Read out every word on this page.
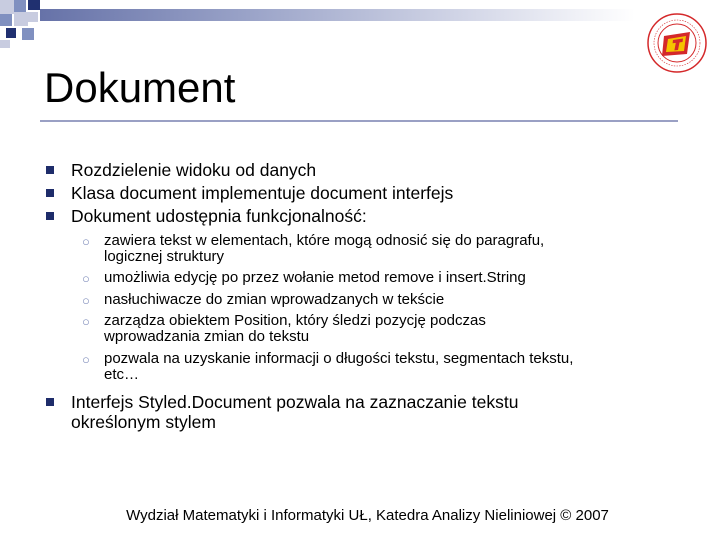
Dokument
Rozdzielenie widoku od danych
Klasa document implementuje document interfejs
Dokument udostępnia funkcjonalność:
○ zawiera tekst w elementach, które mogą odnosić się do paragrafu,
logicznej struktury
○ umożliwia edycję po przez wołanie metod remove i insert.String
○ nasłuchiwacze do zmian wprowadzanych w tekście
○ zarządza obiektem Position, który śledzi pozycję podczas
wprowadzania zmian do tekstu
○ pozwala na uzyskanie informacji o długości tekstu, segmentach tekstu,
etc…
Interfejs Styled.Document pozwala na zaznaczanie tekstu
określonym stylem
Wydział Matematyki i Informatyki UŁ, Katedra Analizy Nieliniowej © 2007
